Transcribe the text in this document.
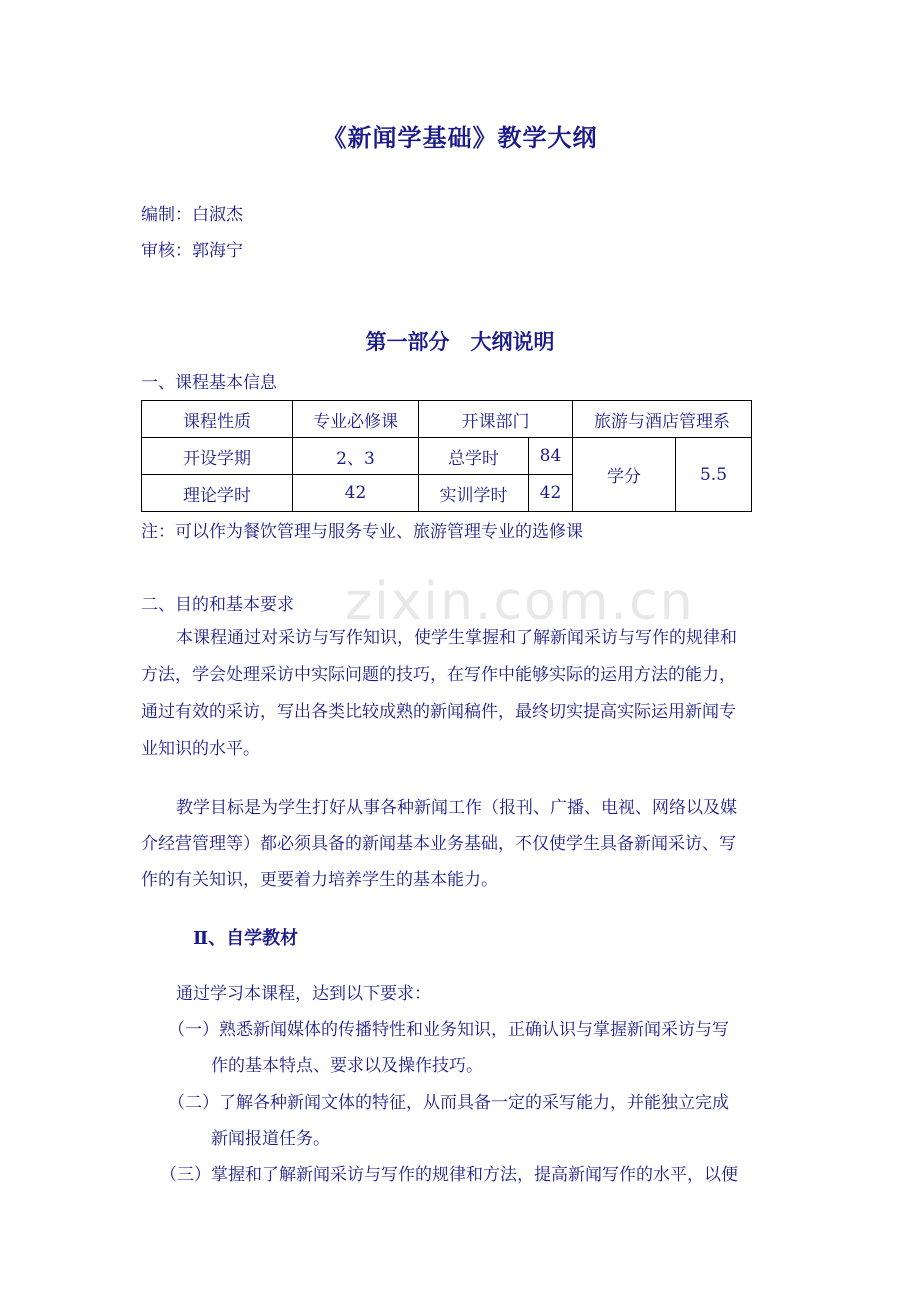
zixin.com.cn
《新闻学基础》教学大纲
编制：白淑杰
审核：郭海宁
第一部分　大纲说明
一、课程基本信息
课程性质	专业必修课	开课部门		旅游与酒店管理系	
开设学期	2、3	总学时	84	学分	5.5
理论学时	42	实训学时	42		
注：可以作为餐饮管理与服务专业、旅游管理专业的选修课
二、目的和基本要求
本课程通过对采访与写作知识，使学生掌握和了解新闻采访与写作的规律和
方法，学会处理采访中实际问题的技巧，在写作中能够实际的运用方法的能力，
通过有效的采访，写出各类比较成熟的新闻稿件，最终切实提高实际运用新闻专
业知识的水平。
教学目标是为学生打好从事各种新闻工作（报刊、广播、电视、网络以及媒
介经营管理等）都必须具备的新闻基本业务基础，不仅使学生具备新闻采访、写
作的有关知识，更要着力培养学生的基本能力。
Ⅱ、自学教材
通过学习本课程，达到以下要求：
（一）熟悉新闻媒体的传播特性和业务知识，正确认识与掌握新闻采访与写
作的基本特点、要求以及操作技巧。
（二）了解各种新闻文体的特征，从而具备一定的采写能力，并能独立完成
新闻报道任务。
（三）掌握和了解新闻采访与写作的规律和方法，提高新闻写作的水平，以便
